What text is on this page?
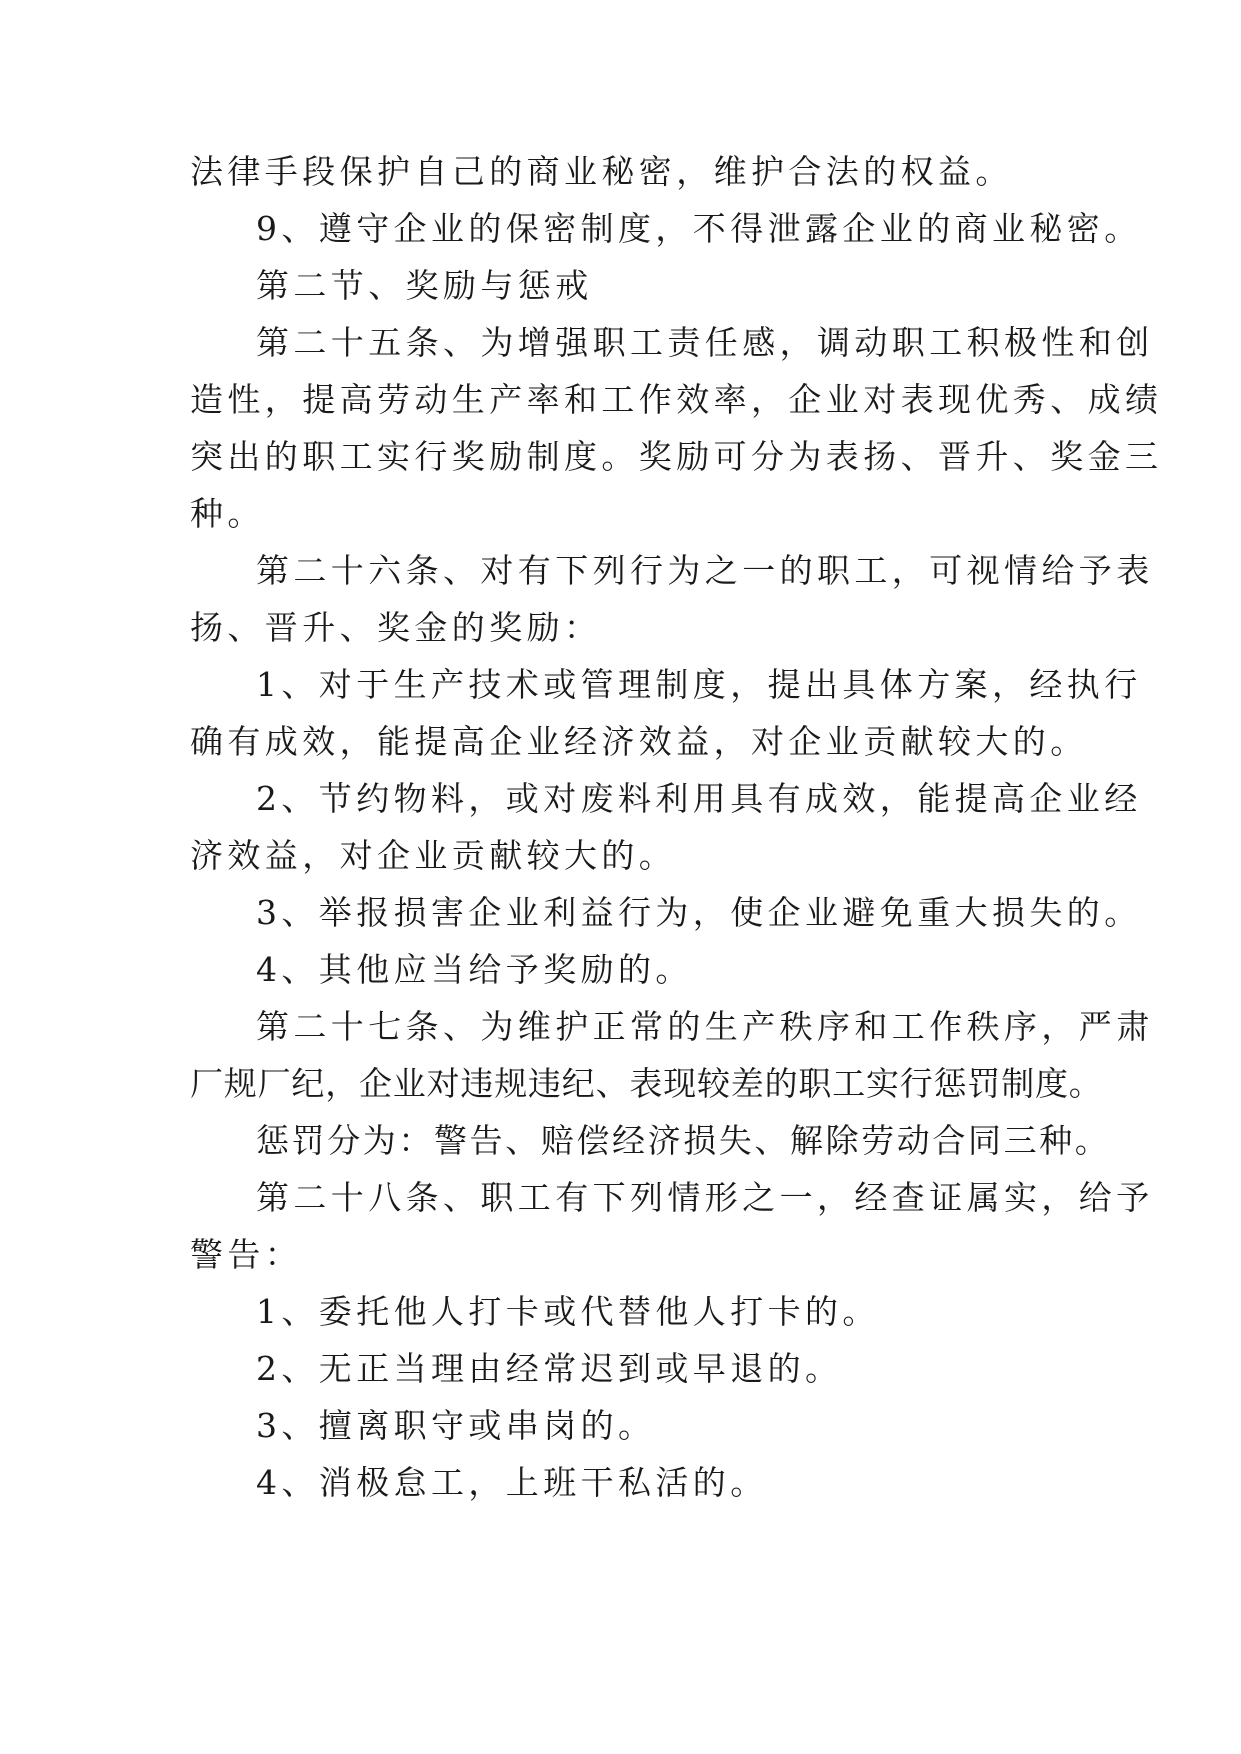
法律手段保护自己的商业秘密，维护合法的权益。
9、遵守企业的保密制度，不得泄露企业的商业秘密。
第二节、奖励与惩戒
第二十五条、为增强职工责任感，调动职工积极性和创
造性，提高劳动生产率和工作效率，企业对表现优秀、成绩
突出的职工实行奖励制度。奖励可分为表扬、晋升、奖金三
种。
第二十六条、对有下列行为之一的职工，可视情给予表
扬、晋升、奖金的奖励：
1、对于生产技术或管理制度，提出具体方案，经执行
确有成效，能提高企业经济效益，对企业贡献较大的。
2、节约物料，或对废料利用具有成效，能提高企业经
济效益，对企业贡献较大的。
3、举报损害企业利益行为，使企业避免重大损失的。
4、其他应当给予奖励的。
第二十七条、为维护正常的生产秩序和工作秩序，严肃
厂规厂纪，企业对违规违纪、表现较差的职工实行惩罚制度。
惩罚分为：警告、赔偿经济损失、解除劳动合同三种。
第二十八条、职工有下列情形之一，经查证属实，给予
警告：
1、委托他人打卡或代替他人打卡的。
2、无正当理由经常迟到或早退的。
3、擅离职守或串岗的。
4、消极怠工，上班干私活的。
